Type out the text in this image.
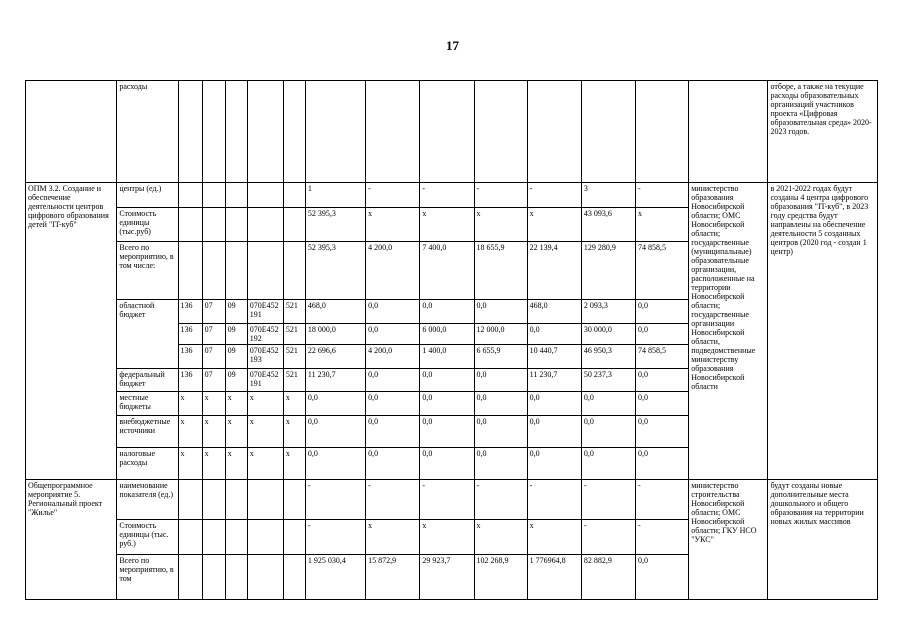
17
	расходы														отборе, а также на текущие расходы образовательных организаций участников проекта «Цифровая образовательная среда» 2020-2023 годов.
ОПМ 3.2. Создание и обеспечение деятельности центров цифрового образования детей "IT-куб"	центры (ед.)						1	-	-	-	-	3	-	министерство образования Новосибирской области; ОМС Новосибирской области; государственные (муниципальные) образовательные организации, расположенные на территории Новосибирской области; государственные организации Новосибирской области, подведомственные министерству образования Новосибирской области	в 2021-2022 годах будут созданы 4 центра цифрового образования "IT-куб", в 2023 году средства будут направлены на обеспечение деятельности 5 созданных центров (2020 год - создан 1 центр)
	Стоимость единицы (тыс.руб)						52 395,3	x	x	x	x	43 093,6	x		
	Всего по мероприятию, в том числе:						52 395,3	4 200,0	7 400,0	18 655,9	22 139,4	129 280,9	74 858,5		
	областной бюджет	136	07	09	070E452191	521	468,0	0,0	0,0	0,0	468,0	2 093,3	0,0		
		136	07	09	070E452192	521	18 000,0	0,0	6 000,0	12 000,0	0,0	30 000,0	0,0		
		136	07	09	070E452193	521	22 696,6	4 200,0	1 400,0	6 655,9	10 440,7	46 950,3	74 858,5		
	федеральный бюджет	136	07	09	070E452191	521	11 230,7	0,0	0,0	0,0	11 230,7	50 237,3	0,0		
	местные бюджеты	x	x	x	x	x	0,0	0,0	0,0	0,0	0,0	0,0	0,0		
	внебюджетные источники	x	x	x	x	x	0,0	0,0	0,0	0,0	0,0	0,0	0,0		
	налоговые расходы	x	x	x	x	x	0,0	0,0	0,0	0,0	0,0	0,0	0,0		
Общепрограммное мероприятие 5. Региональный проект "Жилье"	наименование показателя (ед.)						-	-	-	-	-	-	-	министерство строительства Новосибирской области; ОМС Новосибирской области; ГКУ НСО "УКС"	будут созданы новые дополнительные места дошкольного и общего образования на территории новых жилых массивов
	Стоимость единицы (тыс. руб.)						-	x	x	x	x	-	-		
	Всего по мероприятию, в том						1 925 030,4	15 872,9	29 923,7	102 268,9	1 776964,8	82 882,9	0,0		
